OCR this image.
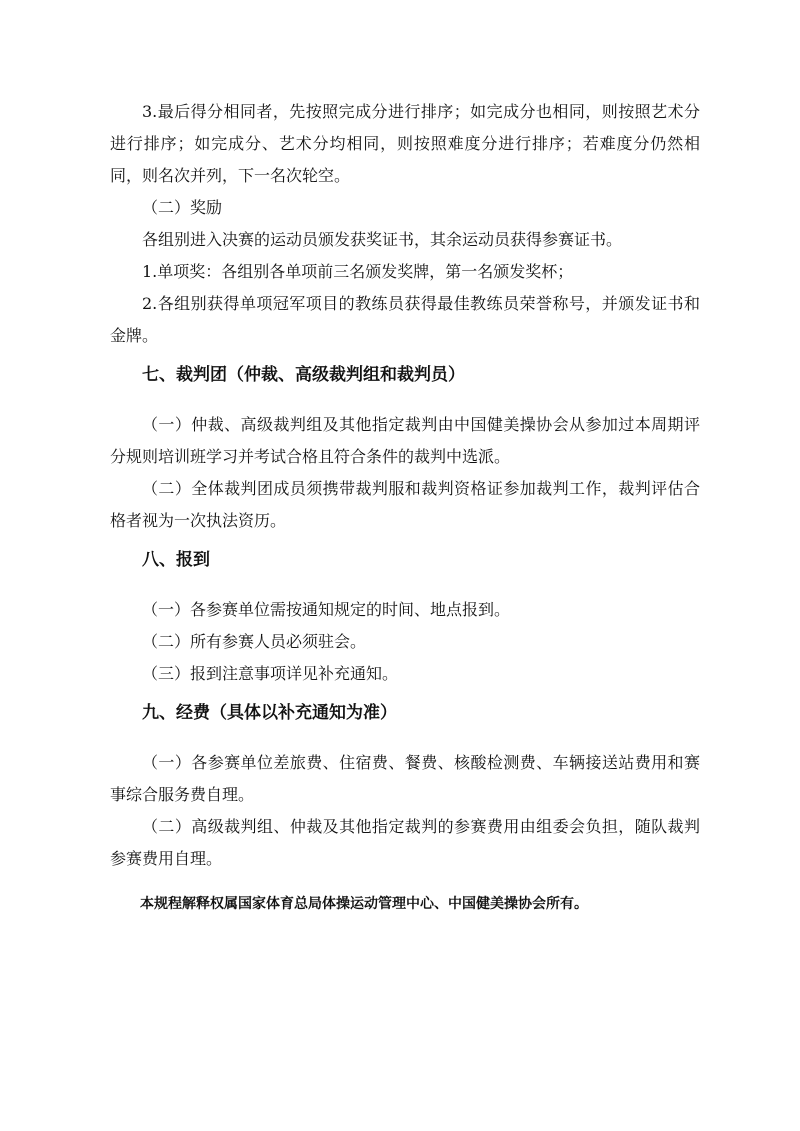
3.最后得分相同者，先按照完成分进行排序；如完成分也相同，则按照艺术分进行排序；如完成分、艺术分均相同，则按照难度分进行排序；若难度分仍然相同，则名次并列，下一名次轮空。

（二）奖励

各组别进入决赛的运动员颁发获奖证书，其余运动员获得参赛证书。

1.单项奖：各组别各单项前三名颁发奖牌，第一名颁发奖杯；

2.各组别获得单项冠军项目的教练员获得最佳教练员荣誉称号，并颁发证书和金牌。

七、裁判团（仲裁、高级裁判组和裁判员）

（一）仲裁、高级裁判组及其他指定裁判由中国健美操协会从参加过本周期评分规则培训班学习并考试合格且符合条件的裁判中选派。

（二）全体裁判团成员须携带裁判服和裁判资格证参加裁判工作，裁判评估合格者视为一次执法资历。

八、报到

（一）各参赛单位需按通知规定的时间、地点报到。

（二）所有参赛人员必须驻会。

（三）报到注意事项详见补充通知。

九、经费（具体以补充通知为准）

（一）各参赛单位差旅费、住宿费、餐费、核酸检测费、车辆接送站费用和赛事综合服务费自理。

（二）高级裁判组、仲裁及其他指定裁判的参赛费用由组委会负担，随队裁判参赛费用自理。

本规程解释权属国家体育总局体操运动管理中心、中国健美操协会所有。
